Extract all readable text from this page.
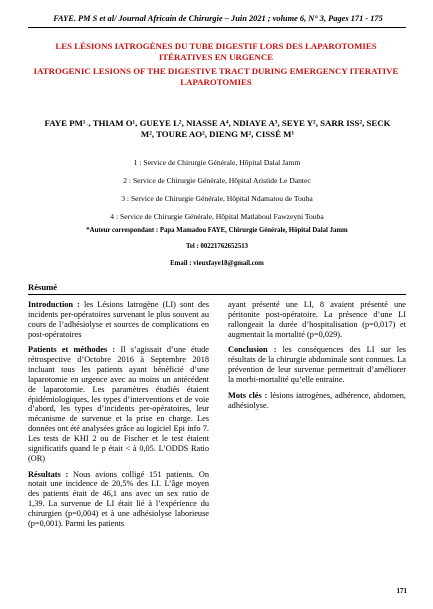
FAYE. PM S et al/ Journal Africain de Chirurgie – Juin 2021 ; volume 6, N° 3, Pages 171 - 175
LES LÉSIONS IATROGÈNES DU TUBE DIGESTIF LORS DES LAPAROTOMIES ITÉRATIVES EN URGENCE
IATROGENIC LESIONS OF THE DIGESTIVE TRACT DURING EMERGENCY ITERATIVE LAPAROTOMIES
FAYE PM¹˒, THIAM O¹, GUEYE L², NIASSE A⁴, NDIAYE A³, SEYE Y², SARR ISS², SECK M², TOURE AO², DIENG M², CISSÉ M¹
1 : Service de Chirurgie Générale, Hôpital Dalal Jamm
2 : Service de Chirurgie Générale, Hôpital Aristide Le Dantec
3 : Service de Chirurgie Générale, Hôpital Ndamatou de Touba
4 : Service de Chirurgie Générale, Hôpital Matlaboul Fawzeyni Touba
*Auteur correspondant : Papa Mamadou FAYE, Chirurgie Générale, Hôpital Dalal Jamm
Tel : 00221762652513
Email : vieuxfaye18@gmail.com
Résumé

Introduction : les Lésions Iatrogène (LI) sont des incidents per-opératoires survenant le plus souvent au cours de l’adhésiolyse et sources de complications en post-opératoires

Patients et méthodes : Il s’agissait d’une étude rétrospective d’Octobre 2016 à Septembre 2018 incluant tous les patients ayant bénéficié d’une laparotomie en urgence avec au moins un antécédent de laparotomie. Les paramètres étudiés étaient épidémiologiques, les types d’interventions et de voie d’abord, les types d’incidents per-opératoires, leur mécanisme de survenue et la prise en charge. Les données ont été analysées grâce au logiciel Epi info 7. Les tests de KHI 2 ou de Fischer et le test étaient significatifs quand le p était < à 0,05. L’ODDS Ratio (OR)

Résultats : Nous avions colligé 151 patients. On notait une incidence de 20,5% des LI. L’âge moyen des patients était de 46,1 ans avec un sex ratio de 1,39. La survenue de LI était lié à l’expérience du chirurgien (p=0,004) et à une adhésiolyse laborieuse (p=0,001). Parmi les patients

ayant présenté une LI, 8 avaient présenté une péritonite post-opératoire. La présence d’une LI rallongeait la durée d’hospitalisation (p=0,017) et augmentait la mortalité (p=0,029).

Conclusion : les conséquences des LI sur les résultats de la chirurgie abdominale sont connues. La prévention de leur survenue permettrait d’améliorer la morbi-mortalité qu’elle entraine.

Mots clés : lésions iatrogènes, adhérence, abdomen, adhésiolyse.

171
